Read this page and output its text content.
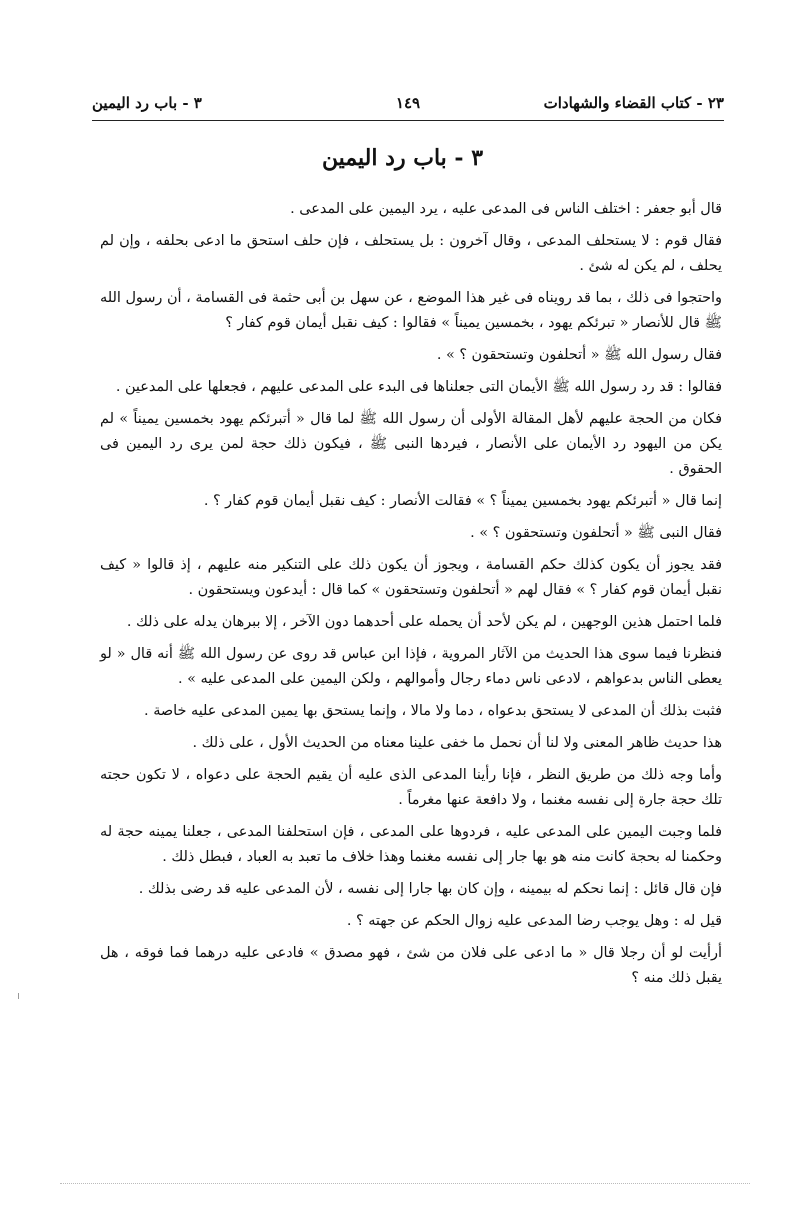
٢٣ - كتاب القضاء والشهادات
١٤٩
٣ - باب رد اليمين
٣ - باب رد اليمين

قال أبو جعفر : اختلف الناس فى المدعى عليه ، يرد اليمين على المدعى .

فقال قوم : لا يستحلف المدعى ، وقال آخرون : بل يستحلف ، فإن حلف استحق ما ادعى بحلفه ، وإن لم يحلف ، لم يكن له شئ .

واحتجوا فى ذلك ، بما قد رويناه فى غير هذا الموضع ، عن سهل بن أبى حثمة فى القسامة ، أن رسول الله ﷺ قال للأنصار « تبرئكم يهود ، بخمسين يميناً » فقالوا : كيف نقبل أيمان قوم كفار ؟

فقال رسول الله ﷺ « أتحلفون وتستحقون ؟ » .

فقالوا : قد رد رسول الله ﷺ الأيمان التى جعلناها فى البدء على المدعى عليهم ، فجعلها على المدعين .

فكان من الحجة عليهم لأهل المقالة الأولى أن رسول الله ﷺ لما قال « أتبرئكم يهود بخمسين يميناً » لم يكن من اليهود رد الأيمان على الأنصار ، فيردها النبى ﷺ ، فيكون ذلك حجة لمن يرى رد اليمين فى الحقوق .

إنما قال « أتبرئكم يهود بخمسين يميناً ؟ » فقالت الأنصار : كيف نقبل أيمان قوم كفار ؟ .

فقال النبى ﷺ « أتحلفون وتستحقون ؟ » .

فقد يجوز أن يكون كذلك حكم القسامة ، ويجوز أن يكون ذلك على التنكير منه عليهم ، إذ قالوا « كيف نقبل أيمان قوم كفار ؟ » فقال لهم « أتحلفون وتستحقون » كما قال : أيدعون ويستحقون .

فلما احتمل هذين الوجهين ، لم يكن لأحد أن يحمله على أحدهما دون الآخر ، إلا ببرهان يدله على ذلك .

فنظرنا فيما سوى هذا الحديث من الآثار المروية ، فإذا ابن عباس قد روى عن رسول الله ﷺ أنه قال « لو يعطى الناس بدعواهم ، لادعى ناس دماء رجال وأموالهم ، ولكن اليمين على المدعى عليه » .

فثبت بذلك أن المدعى لا يستحق بدعواه ، دما ولا مالا ، وإنما يستحق بها يمين المدعى عليه خاصة .

هذا حديث ظاهر المعنى ولا لنا أن نحمل ما خفى علينا معناه من الحديث الأول ، على ذلك .

وأما وجه ذلك من طريق النظر ، فإنا رأينا المدعى الذى عليه أن يقيم الحجة على دعواه ، لا تكون حجته تلك حجة جارة إلى نفسه مغنما ، ولا دافعة عنها مغرماً .

فلما وجبت اليمين على المدعى عليه ، فردوها على المدعى ، فإن استحلفنا المدعى ، جعلنا يمينه حجة له وحكمنا له بحجة كانت منه هو بها جار إلى نفسه مغنما وهذا خلاف ما تعبد به العباد ، فبطل ذلك .

فإن قال قائل : إنما نحكم له بيمينه ، وإن كان بها جارا إلى نفسه ، لأن المدعى عليه قد رضى بذلك .

قيل له : وهل يوجب رضا المدعى عليه زوال الحكم عن جهته ؟ .

أرأيت لو أن رجلا قال « ما ادعى على فلان من شئ ، فهو مصدق » فادعى عليه درهما فما فوقه ، هل يقبل ذلك منه ؟
